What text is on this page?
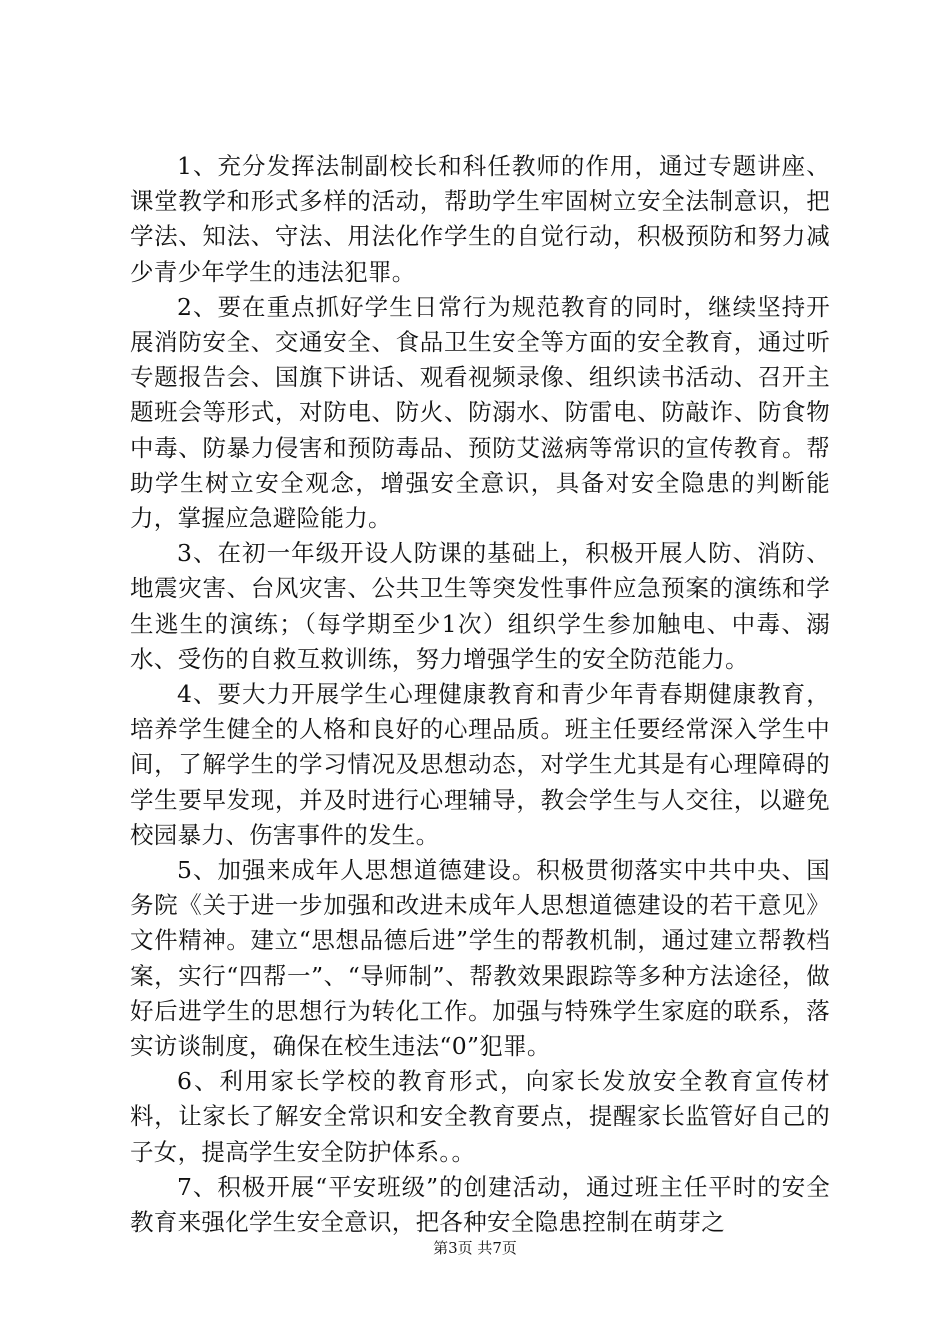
1、充分发挥法制副校长和科任教师的作用，通过专题讲座、课堂教学和形式多样的活动，帮助学生牢固树立安全法制意识，把学法、知法、守法、用法化作学生的自觉行动，积极预防和努力减少青少年学生的违法犯罪。

2、要在重点抓好学生日常行为规范教育的同时，继续坚持开展消防安全、交通安全、食品卫生安全等方面的安全教育，通过听专题报告会、国旗下讲话、观看视频录像、组织读书活动、召开主题班会等形式，对防电、防火、防溺水、防雷电、防敲诈、防食物中毒、防暴力侵害和预防毒品、预防艾滋病等常识的宣传教育。帮助学生树立安全观念，增强安全意识，具备对安全隐患的判断能力，掌握应急避险能力。

3、在初一年级开设人防课的基础上，积极开展人防、消防、地震灾害、台风灾害、公共卫生等突发性事件应急预案的演练和学生逃生的演练；（每学期至少1次）组织学生参加触电、中毒、溺水、受伤的自救互救训练，努力增强学生的安全防范能力。

4、要大力开展学生心理健康教育和青少年青春期健康教育，培养学生健全的人格和良好的心理品质。班主任要经常深入学生中间，了解学生的学习情况及思想动态，对学生尤其是有心理障碍的学生要早发现，并及时进行心理辅导，教会学生与人交往，以避免校园暴力、伤害事件的发生。

5、加强来成年人思想道德建设。积极贯彻落实中共中央、国务院《关于进一步加强和改进未成年人思想道德建设的若干意见》文件精神。建立“思想品德后进”学生的帮教机制，通过建立帮教档案，实行“四帮一”、“导师制”、帮教效果跟踪等多种方法途径，做好后进学生的思想行为转化工作。加强与特殊学生家庭的联系，落实访谈制度，确保在校生违法“0”犯罪。

6、利用家长学校的教育形式，向家长发放安全教育宣传材料，让家长了解安全常识和安全教育要点，提醒家长监管好自己的子女，提高学生安全防护体系。。

7、积极开展“平安班级”的创建活动，通过班主任平时的安全教育来强化学生安全意识，把各种安全隐患控制在萌芽之

第3页 共7页
